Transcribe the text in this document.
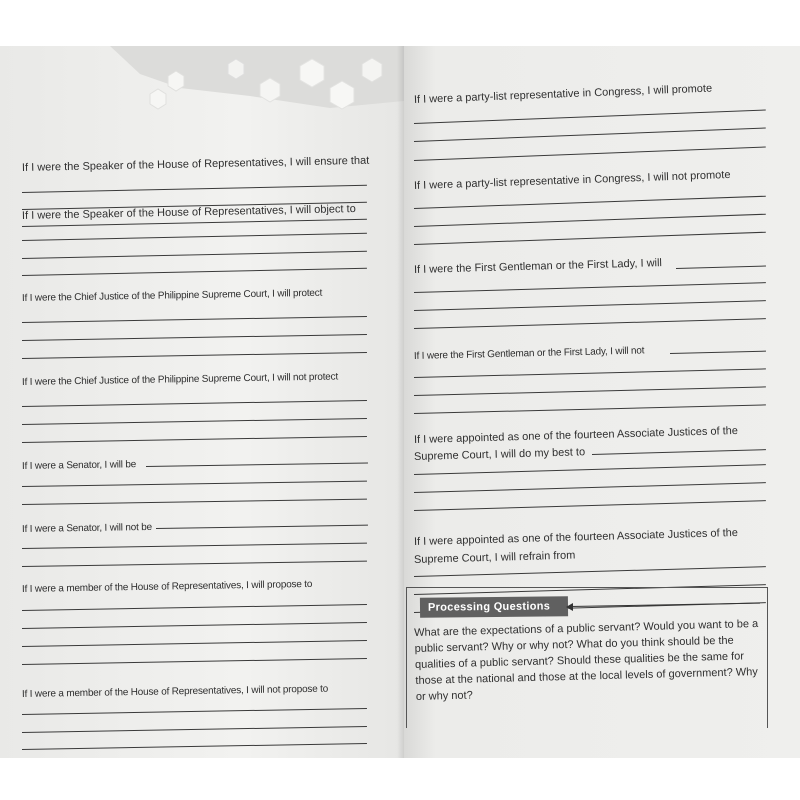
If I were the Speaker of the House of Representatives, I will ensure that
If I were the Speaker of the House of Representatives, I will object to
If I were the Chief Justice of the Philippine Supreme Court, I will protect
If I were the Chief Justice of the Philippine Supreme Court, I will not protect
If I were a Senator, I will be
If I were a Senator, I will not be
If I were a member of the House of Representatives, I will propose to
If I were a member of the House of Representatives, I will not propose to
If I were a party-list representative in Congress, I will promote
If I were a party-list representative in Congress, I will not promote
If I were the First Gentleman or the First Lady, I will
If I were the First Gentleman or the First Lady, I will not
If I were appointed as one of the fourteen Associate Justices of the
Supreme Court, I will do my best to
If I were appointed as one of the fourteen Associate Justices of the
Supreme Court, I will refrain from
Processing Questions
What are the expectations of a public servant? Would you want to be a public servant? Why or why not? What do you think should be the qualities of a public servant? Should these qualities be the same for those at the national and those at the local levels of government? Why or why not?
